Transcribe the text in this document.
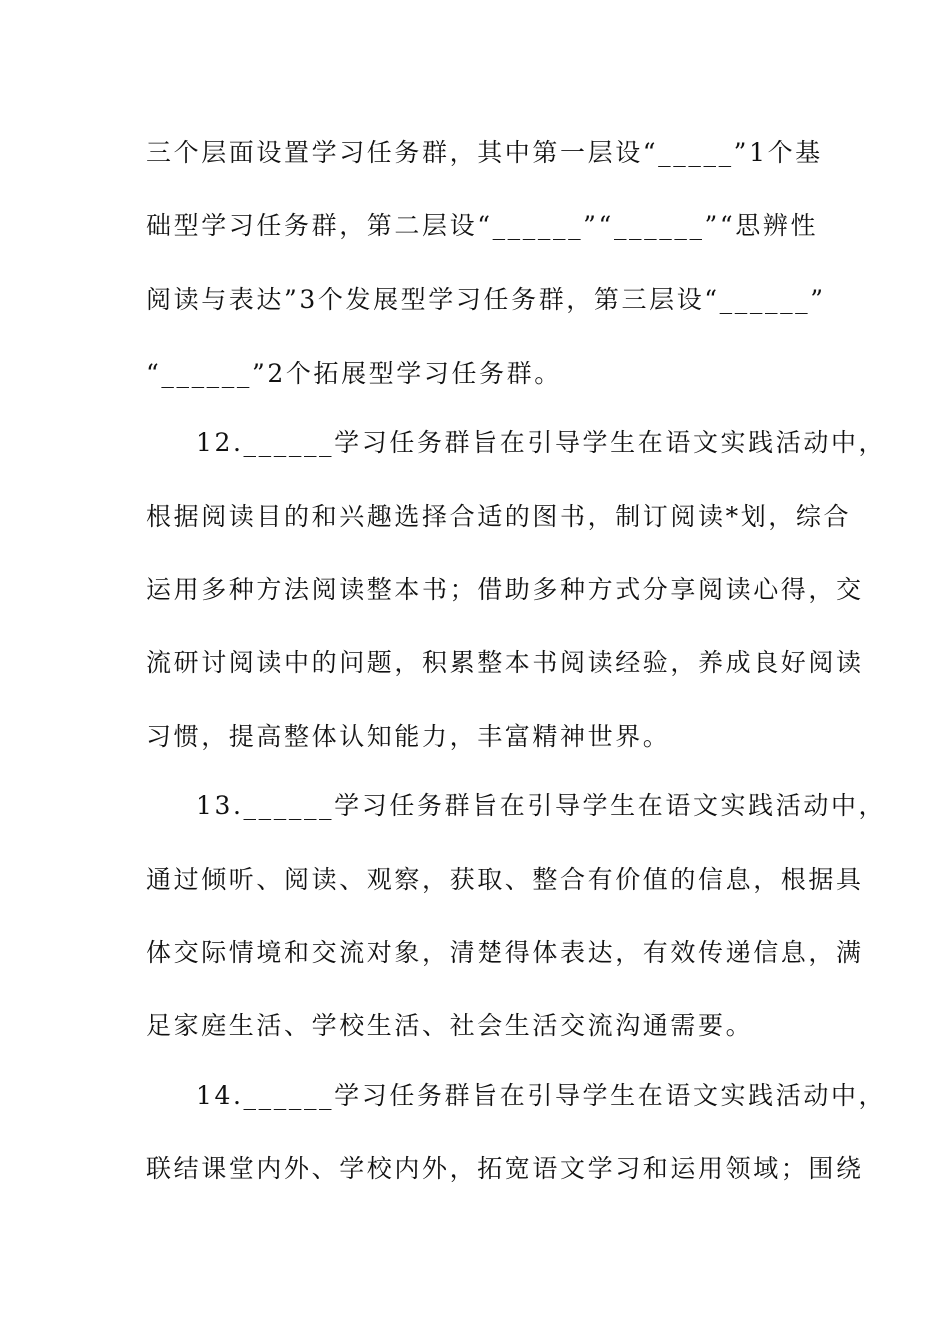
三个层面设置学习任务群，其中第一层设“_____”1个基
础型学习任务群，第二层设“______”“______”“思辨性
阅读与表达”3个发展型学习任务群，第三层设“______”
“______”2个拓展型学习任务群。
12.______学习任务群旨在引导学生在语文实践活动中，
根据阅读目的和兴趣选择合适的图书，制订阅读*划，综合
运用多种方法阅读整本书；借助多种方式分享阅读心得，交
流研讨阅读中的问题，积累整本书阅读经验，养成良好阅读
习惯，提高整体认知能力，丰富精神世界。
13.______学习任务群旨在引导学生在语文实践活动中，
通过倾听、阅读、观察，获取、整合有价值的信息，根据具
体交际情境和交流对象，清楚得体表达，有效传递信息，满
足家庭生活、学校生活、社会生活交流沟通需要。
14.______学习任务群旨在引导学生在语文实践活动中，
联结课堂内外、学校内外，拓宽语文学习和运用领域；围绕
